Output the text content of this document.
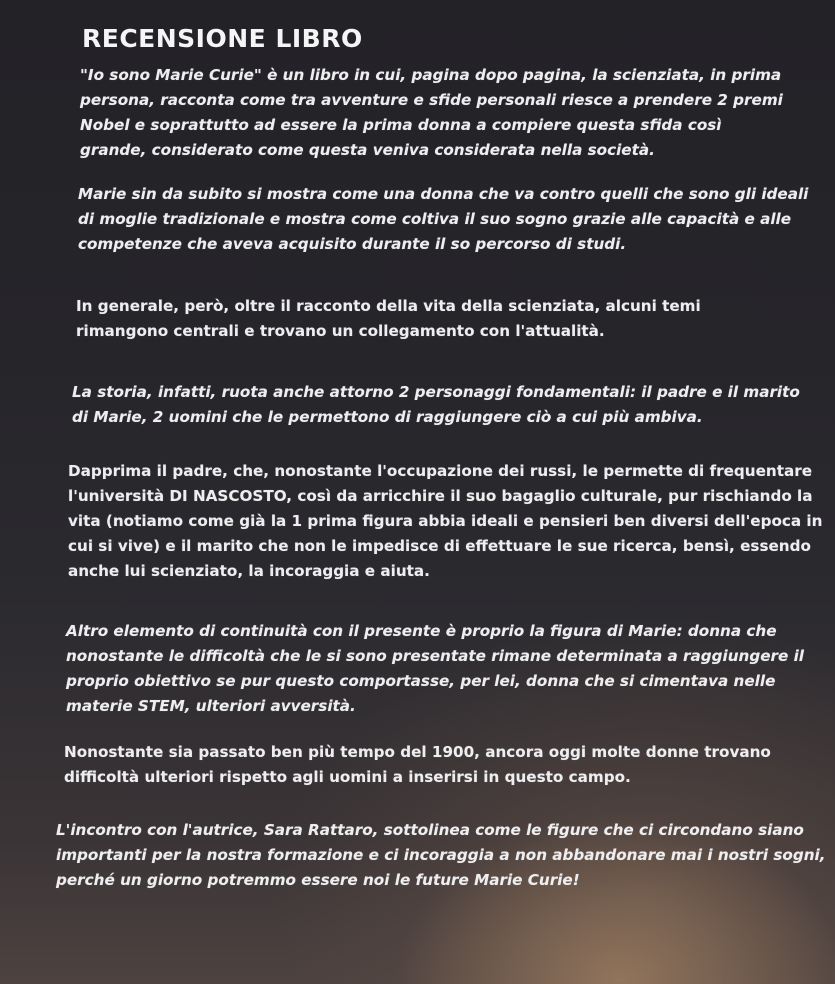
RECENSIONE LIBRO

"Io sono Marie Curie" è un libro in cui, pagina dopo pagina, la scienziata, in prima persona, racconta come tra avventure e sfide personali riesce a prendere 2 premi Nobel e soprattutto ad essere la prima donna a compiere questa sfida così grande, considerato come questa veniva considerata nella società.

Marie sin da subito si mostra come una donna che va contro quelli che sono gli ideali di moglie tradizionale e mostra come coltiva il suo sogno grazie alle capacità e alle competenze che aveva acquisito durante il so percorso di studi.

In generale, però, oltre il racconto della vita della scienziata, alcuni temi rimangono centrali e trovano un collegamento con l'attualità.

La storia, infatti, ruota anche attorno 2 personaggi fondamentali: il padre e il marito di Marie, 2 uomini che le permettono di raggiungere ciò a cui più ambiva.

Dapprima il padre, che, nonostante l'occupazione dei russi, le permette di frequentare l'università DI NASCOSTO, così da arricchire il suo bagaglio culturale, pur rischiando la vita (notiamo come già la 1 prima figura abbia ideali e pensieri ben diversi dell'epoca in cui si vive) e il marito che non le impedisce di effettuare le sue ricerca, bensì, essendo anche lui scienziato, la incoraggia e aiuta.

Altro elemento di continuità con il presente è proprio la figura di Marie: donna che nonostante le difficoltà che le si sono presentate rimane determinata a raggiungere il proprio obiettivo se pur questo comportasse, per lei, donna che si cimentava nelle materie STEM, ulteriori avversità.

Nonostante sia passato ben più tempo del 1900, ancora oggi molte donne trovano difficoltà ulteriori rispetto agli uomini a inserirsi in questo campo.

L'incontro con l'autrice, Sara Rattaro, sottolinea come le figure che ci circondano siano importanti per la nostra formazione e ci incoraggia a non abbandonare mai i nostri sogni, perché un giorno potremmo essere noi le future Marie Curie!
